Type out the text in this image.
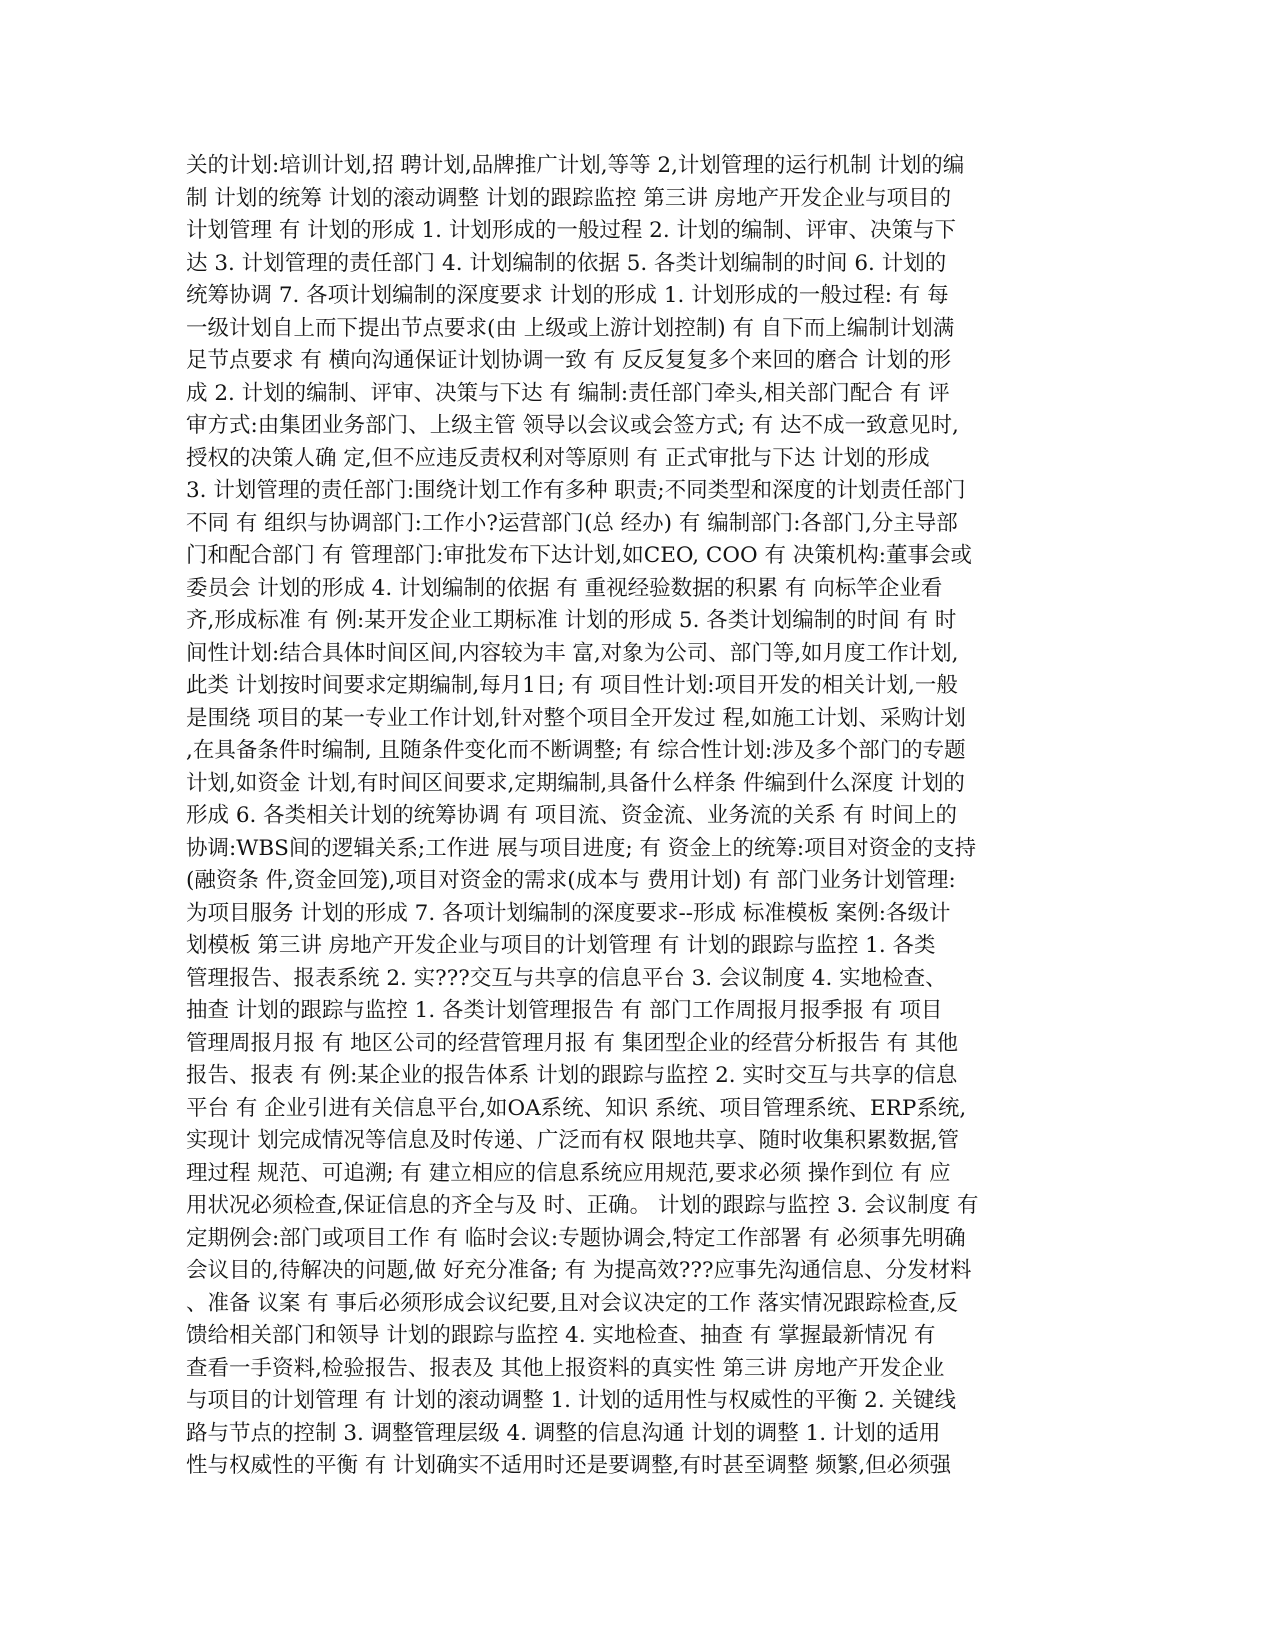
关的计划:培训计划,招 聘计划,品牌推广计划,等等 2,计划管理的运行机制 计划的编
制 计划的统筹 计划的滚动调整 计划的跟踪监控 第三讲 房地产开发企业与项目的
计划管理 有 计划的形成 1. 计划形成的一般过程 2. 计划的编制、评审、决策与下
达 3. 计划管理的责任部门 4. 计划编制的依据 5. 各类计划编制的时间 6. 计划的
统筹协调 7. 各项计划编制的深度要求 计划的形成 1. 计划形成的一般过程: 有 每
一级计划自上而下提出节点要求(由 上级或上游计划控制) 有 自下而上编制计划满
足节点要求 有 横向沟通保证计划协调一致 有 反反复复多个来回的磨合 计划的形
成 2. 计划的编制、评审、决策与下达 有 编制:责任部门牵头,相关部门配合 有 评
审方式:由集团业务部门、上级主管 领导以会议或会签方式; 有 达不成一致意见时,
授权的决策人确 定,但不应违反责权利对等原则 有 正式审批与下达 计划的形成
3. 计划管理的责任部门:围绕计划工作有多种 职责;不同类型和深度的计划责任部门
不同 有 组织与协调部门:工作小?运营部门(总 经办) 有 编制部门:各部门,分主导部
门和配合部门 有 管理部门:审批发布下达计划,如CEO, COO 有 决策机构:董事会或
委员会 计划的形成 4. 计划编制的依据 有 重视经验数据的积累 有 向标竿企业看
齐,形成标准 有 例:某开发企业工期标准 计划的形成 5. 各类计划编制的时间 有 时
间性计划:结合具体时间区间,内容较为丰 富,对象为公司、部门等,如月度工作计划,
此类 计划按时间要求定期编制,每月1日; 有 项目性计划:项目开发的相关计划,一般
是围绕 项目的某一专业工作计划,针对整个项目全开发过 程,如施工计划、采购计划
,在具备条件时编制, 且随条件变化而不断调整; 有 综合性计划:涉及多个部门的专题
计划,如资金 计划,有时间区间要求,定期编制,具备什么样条 件编到什么深度 计划的
形成 6. 各类相关计划的统筹协调 有 项目流、资金流、业务流的关系 有 时间上的
协调:WBS间的逻辑关系;工作进 展与项目进度; 有 资金上的统筹:项目对资金的支持
(融资条 件,资金回笼),项目对资金的需求(成本与 费用计划) 有 部门业务计划管理:
为项目服务 计划的形成 7. 各项计划编制的深度要求--形成 标准模板 案例:各级计
划模板 第三讲 房地产开发企业与项目的计划管理 有 计划的跟踪与监控 1. 各类
管理报告、报表系统 2. 实???交互与共享的信息平台 3. 会议制度 4. 实地检查、
抽查 计划的跟踪与监控 1. 各类计划管理报告 有 部门工作周报月报季报 有 项目
管理周报月报 有 地区公司的经营管理月报 有 集团型企业的经营分析报告 有 其他
报告、报表 有 例:某企业的报告体系 计划的跟踪与监控 2. 实时交互与共享的信息
平台 有 企业引进有关信息平台,如OA系统、知识 系统、项目管理系统、ERP系统,
实现计 划完成情况等信息及时传递、广泛而有权 限地共享、随时收集积累数据,管
理过程 规范、可追溯; 有 建立相应的信息系统应用规范,要求必须 操作到位 有 应
用状况必须检查,保证信息的齐全与及 时、正确。 计划的跟踪与监控 3. 会议制度 有
定期例会:部门或项目工作 有 临时会议:专题协调会,特定工作部署 有 必须事先明确
会议目的,待解决的问题,做 好充分准备; 有 为提高效???应事先沟通信息、分发材料
、准备 议案 有 事后必须形成会议纪要,且对会议决定的工作 落实情况跟踪检查,反
馈给相关部门和领导 计划的跟踪与监控 4. 实地检查、抽查 有 掌握最新情况 有
查看一手资料,检验报告、报表及 其他上报资料的真实性 第三讲 房地产开发企业
与项目的计划管理 有 计划的滚动调整 1. 计划的适用性与权威性的平衡 2. 关键线
路与节点的控制 3. 调整管理层级 4. 调整的信息沟通 计划的调整 1. 计划的适用
性与权威性的平衡 有 计划确实不适用时还是要调整,有时甚至调整 频繁,但必须强
